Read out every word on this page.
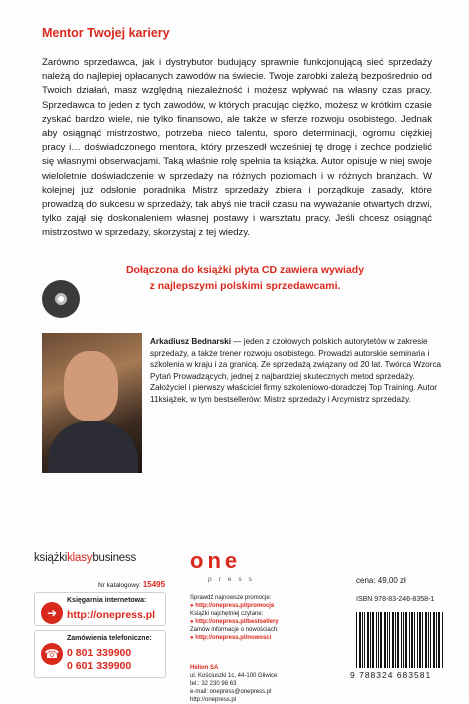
Mentor Twojej kariery

Zarówno sprzedawca, jak i dystrybutor budujący sprawnie funkcjonującą sieć sprzedaży należą do najlepiej opłacanych zawodów na świecie. Twoje zarobki zależą bezpośrednio od Twoich działań, masz względną niezależność i możesz wpływać na własny czas pracy. Sprzedawca to jeden z tych zawodów, w których pracując ciężko, możesz w krótkim czasie zyskać bardzo wiele, nie tylko finansowo, ale także w sferze rozwoju osobistego. Jednak aby osiągnąć mistrzostwo, potrzeba nieco talentu, sporo determinacji, ogromu ciężkiej pracy i… doświadczonego mentora, który przeszedł wcześniej tę drogę i zechce podzielić się własnymi obserwacjami. Taką właśnie rolę spełnia ta książka. Autor opisuje w niej swoje wieloletnie doświadczenie w sprzedaży na różnych poziomach i w różnych branżach. W kolejnej już odsłonie poradnika Mistrz sprzedaży zbiera i porządkuje zasady, które prowadzą do sukcesu w sprzedaży, tak abyś nie tracił czasu na wyważanie otwartych drzwi, tylko zajął się doskonaleniem własnej postawy i warsztatu pracy. Jeśli chcesz osiągnąć mistrzostwo w sprzedaży, skorzystaj z tej wiedzy.

Dołączona do książki płyta CD zawiera wywiady
z najlepszymi polskimi sprzedawcami.
Arkadiusz Bednarski — jeden z czołowych polskich autorytetów w zakresie sprzedaży, a także trener rozwoju osobistego. Prowadzi autorskie seminaria i szkolenia w kraju i za granicą. Ze sprzedażą związany od 20 lat. Twórca Wzorca Pytań Prowadzących, jednej z najbardziej skutecznych metod sprzedaży. Założyciel i pierwszy właściciel firmy szkoleniowo-doradczej Top Training. Autor 11książek, w tym bestsellerów: Mistrz sprzedaży i Arcymistrz sprzedaży.
książkiklasybusiness
Nr katalogowy: 15495
➜
Księgarnia internetowa:
http://onepress.pl
☎
Zamówienia telefoniczne:
0 801 339900
0 601 339900
one
press
Sprawdź najnowsze promocje:
● http://onepress.pl/promocje
Książki najchętniej czytane:
● http://onepress.pl/bestsellery
Zamów informacje o nowościach:
● http://onepress.pl/nowosci
Helion SA
ul. Kościuszki 1c, 44-100 Gliwice
tel.: 32 230 98 63
e-mail: onepress@onepress.pl
http://onepress.pl
cena: 49,00 zł
ISBN 978-83-246-8358-1
9 788324 683581
